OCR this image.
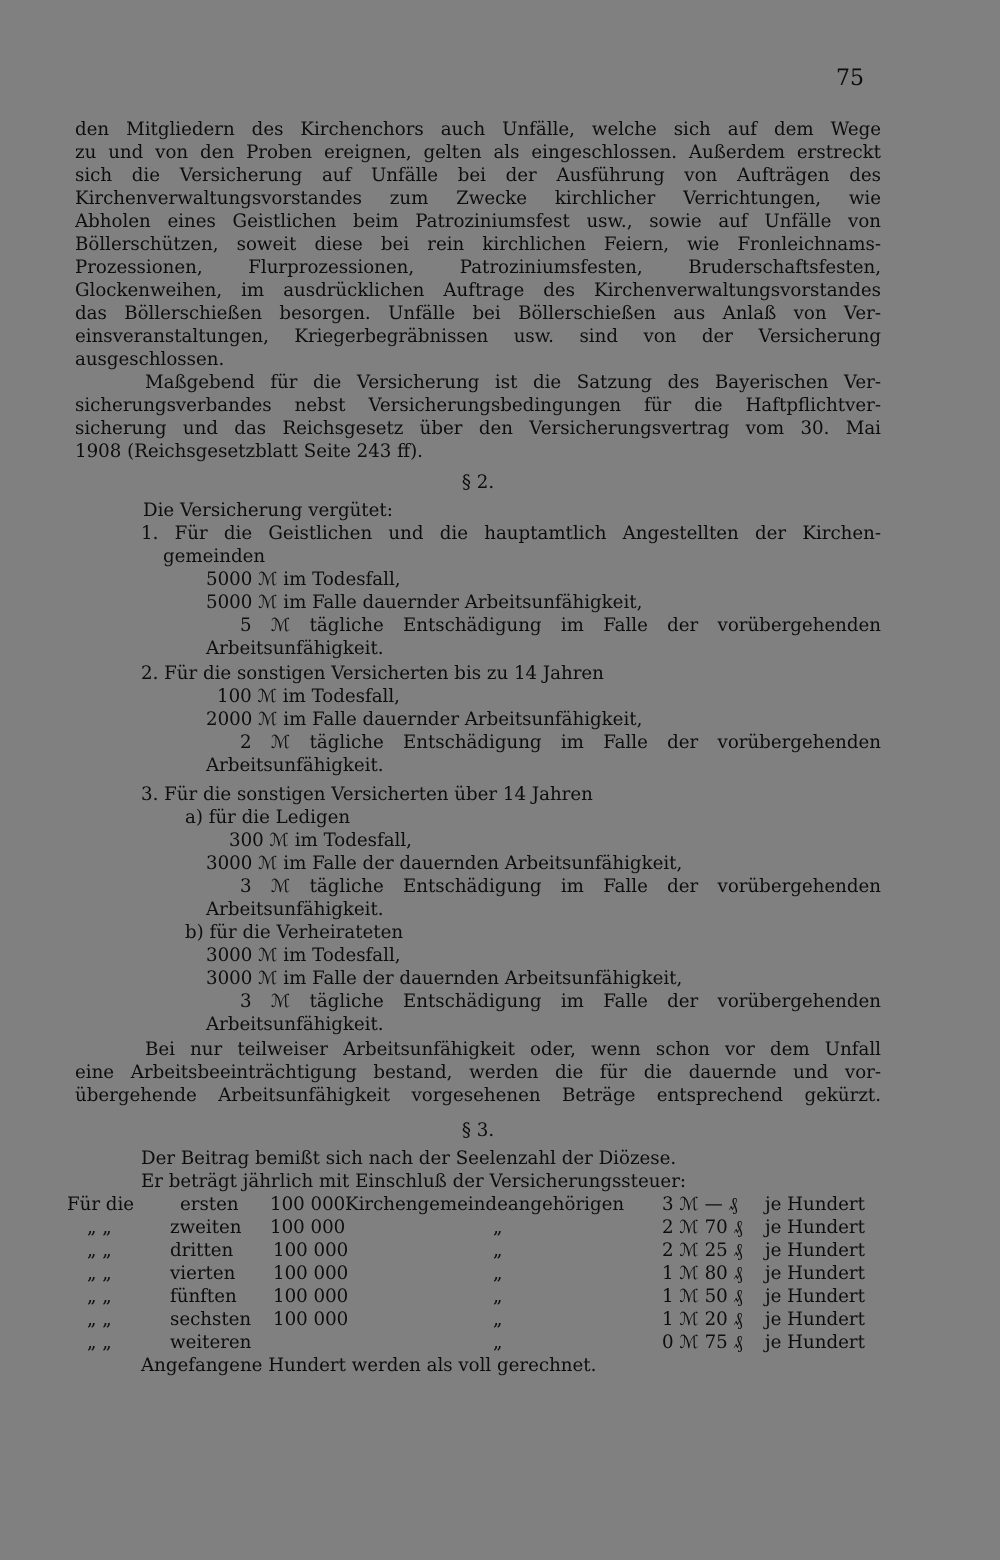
75
den Mitgliedern des Kirchenchors auch Unfälle, welche sich auf dem Wege
zu und von den Proben ereignen, gelten als eingeschlossen. Außerdem erstreckt
sich die Versicherung auf Unfälle bei der Ausführung von Aufträgen des
Kirchenverwaltungsvorstandes zum Zwecke kirchlicher Verrichtungen, wie
Abholen eines Geistlichen beim Patroziniumsfest usw., sowie auf Unfälle von
Böllerschützen, soweit diese bei rein kirchlichen Feiern, wie Fronleichnams-
Prozessionen, Flurprozessionen, Patroziniumsfesten, Bruderschaftsfesten,
Glockenweihen, im ausdrücklichen Auftrage des Kirchenverwaltungsvorstandes
das Böllerschießen besorgen. Unfälle bei Böllerschießen aus Anlaß von Ver-
einsveranstaltungen, Kriegerbegräbnissen usw. sind von der Versicherung
ausgeschlossen.
Maßgebend für die Versicherung ist die Satzung des Bayerischen Ver-
sicherungsverbandes nebst Versicherungsbedingungen für die Haftpflichtver-
sicherung und das Reichsgesetz über den Versicherungsvertrag vom 30. Mai
1908 (Reichsgesetzblatt Seite 243 ff).
§ 2.
Die Versicherung vergütet:
1. Für die Geistlichen und die hauptamtlich Angestellten der Kirchen-
gemeinden
5000 ℳ im Todesfall,
5000 ℳ im Falle dauernder Arbeitsunfähigkeit,
5 ℳ tägliche Entschädigung im Falle der vorübergehenden
Arbeitsunfähigkeit.
2. Für die sonstigen Versicherten bis zu 14 Jahren
100 ℳ im Todesfall,
2000 ℳ im Falle dauernder Arbeitsunfähigkeit,
2 ℳ tägliche Entschädigung im Falle der vorübergehenden
Arbeitsunfähigkeit.
3. Für die sonstigen Versicherten über 14 Jahren
a) für die Ledigen
300 ℳ im Todesfall,
3000 ℳ im Falle der dauernden Arbeitsunfähigkeit,
3 ℳ tägliche Entschädigung im Falle der vorübergehenden
Arbeitsunfähigkeit.
b) für die Verheirateten
3000 ℳ im Todesfall,
3000 ℳ im Falle der dauernden Arbeitsunfähigkeit,
3 ℳ tägliche Entschädigung im Falle der vorübergehenden
Arbeitsunfähigkeit.
Bei nur teilweiser Arbeitsunfähigkeit oder, wenn schon vor dem Unfall
eine Arbeitsbeeinträchtigung bestand, werden die für die dauernde und vor-
übergehende Arbeitsunfähigkeit vorgesehenen Beträge entsprechend gekürzt.
§ 3.
Der Beitrag bemißt sich nach der Seelenzahl der Diözese.
Er beträgt jährlich mit Einschluß der Versicherungssteuer:
Für die	ersten 100 000 Kirchengemeindeangehörigen 3 ℳ — ₰ je Hundert
„ „	zweiten 100 000	„	2 ℳ 70 ₰ je Hundert
„ „	dritten 100 000	„	2 ℳ 25 ₰ je Hundert
„ „	vierten 100 000	„	1 ℳ 80 ₰ je Hundert
„ „	fünften 100 000	„	1 ℳ 50 ₰ je Hundert
„ „	sechsten 100 000	„	1 ℳ 20 ₰ je Hundert
„ „	weiteren	„	0 ℳ 75 ₰ je Hundert
Angefangene Hundert werden als voll gerechnet.
